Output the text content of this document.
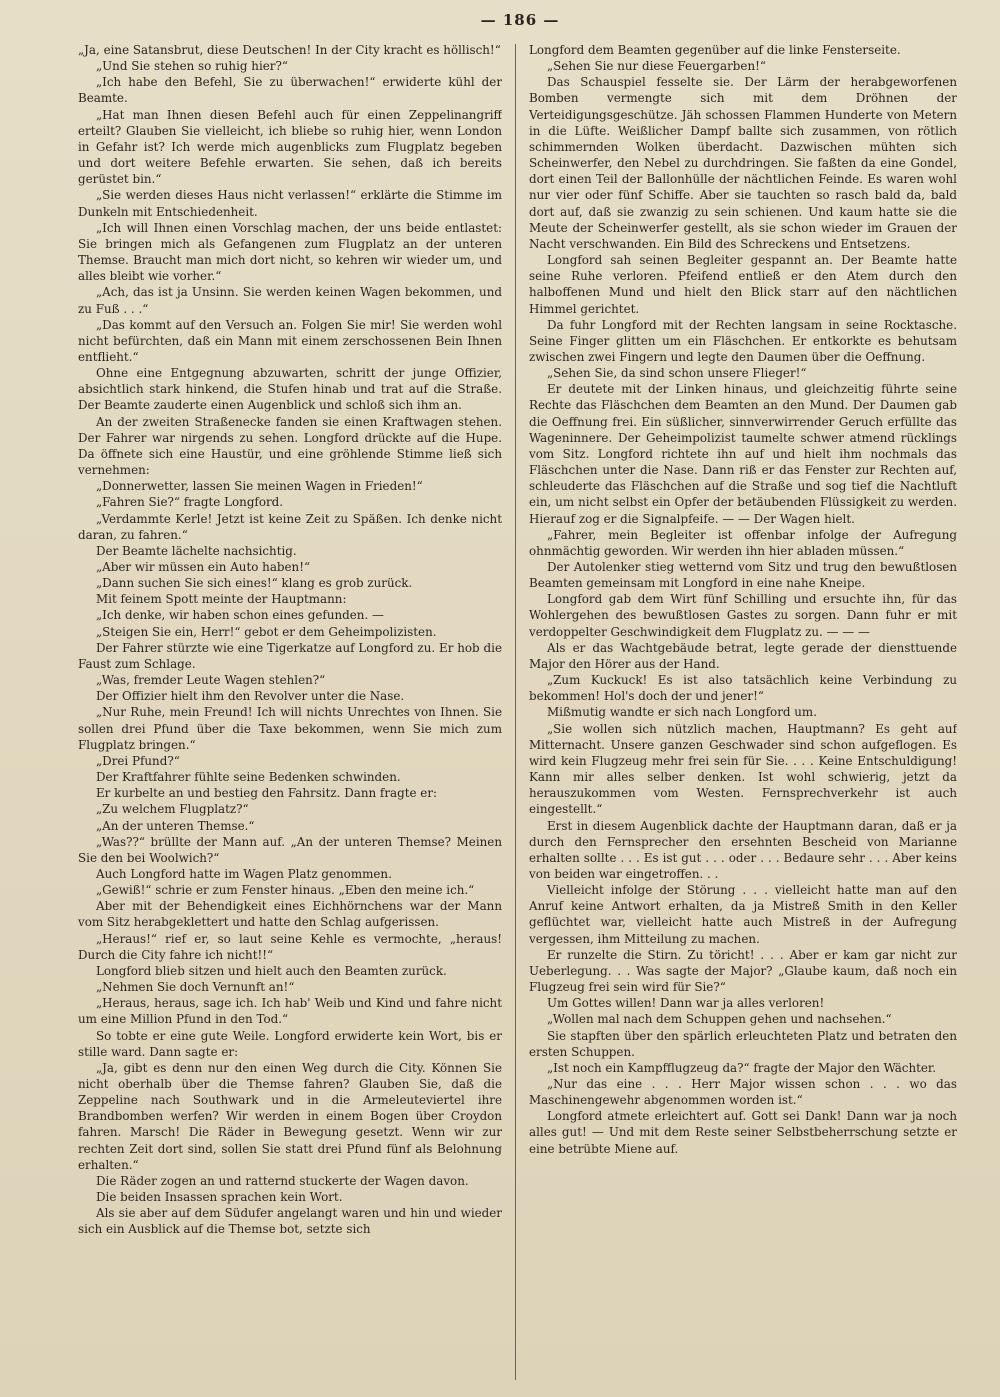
— 186 —

„Ja, eine Satansbrut, diese Deutschen! In der City kracht es höllisch!“

„Und Sie stehen so ruhig hier?“

„Ich habe den Befehl, Sie zu überwachen!“ erwiderte kühl der Beamte.

„Hat man Ihnen diesen Befehl auch für einen Zeppelinangriff erteilt? Glauben Sie vielleicht, ich bliebe so ruhig hier, wenn London in Gefahr ist? Ich werde mich augenblicks zum Flugplatz begeben und dort weitere Befehle erwarten. Sie sehen, daß ich bereits gerüstet bin.“

„Sie werden dieses Haus nicht verlassen!“ erklärte die Stimme im Dunkeln mit Entschiedenheit.

„Ich will Ihnen einen Vorschlag machen, der uns beide entlastet: Sie bringen mich als Gefangenen zum Flugplatz an der unteren Themse. Braucht man mich dort nicht, so kehren wir wieder um, und alles bleibt wie vorher.“

„Ach, das ist ja Unsinn. Sie werden keinen Wagen bekommen, und zu Fuß . . .“

„Das kommt auf den Versuch an. Folgen Sie mir! Sie werden wohl nicht befürchten, daß ein Mann mit einem zerschossenen Bein Ihnen entflieht.“

Ohne eine Entgegnung abzuwarten, schritt der junge Offizier, absichtlich stark hinkend, die Stufen hinab und trat auf die Straße. Der Beamte zauderte einen Augenblick und schloß sich ihm an.

An der zweiten Straßenecke fanden sie einen Kraftwagen stehen. Der Fahrer war nirgends zu sehen. Longford drückte auf die Hupe. Da öffnete sich eine Haustür, und eine gröhlende Stimme ließ sich vernehmen:

„Donnerwetter, lassen Sie meinen Wagen in Frieden!“

„Fahren Sie?“ fragte Longford.

„Verdammte Kerle! Jetzt ist keine Zeit zu Späßen. Ich denke nicht daran, zu fahren.“

Der Beamte lächelte nachsichtig.

„Aber wir müssen ein Auto haben!“

„Dann suchen Sie sich eines!“ klang es grob zurück.

Mit feinem Spott meinte der Hauptmann:

„Ich denke, wir haben schon eines gefunden. —

„Steigen Sie ein, Herr!“ gebot er dem Geheimpolizisten.

Der Fahrer stürzte wie eine Tigerkatze auf Longford zu. Er hob die Faust zum Schlage.

„Was, fremder Leute Wagen stehlen?“

Der Offizier hielt ihm den Revolver unter die Nase.

„Nur Ruhe, mein Freund! Ich will nichts Unrechtes von Ihnen. Sie sollen drei Pfund über die Taxe bekommen, wenn Sie mich zum Flugplatz bringen.“

„Drei Pfund?“

Der Kraftfahrer fühlte seine Bedenken schwinden.

Er kurbelte an und bestieg den Fahrsitz. Dann fragte er:

„Zu welchem Flugplatz?“

„An der unteren Themse.“

„Was??“ brüllte der Mann auf. „An der unteren Themse? Meinen Sie den bei Woolwich?“

Auch Longford hatte im Wagen Platz genommen.

„Gewiß!“ schrie er zum Fenster hinaus. „Eben den meine ich.“

Aber mit der Behendigkeit eines Eichhörnchens war der Mann vom Sitz herabgeklettert und hatte den Schlag aufgerissen.

„Heraus!“ rief er, so laut seine Kehle es vermochte, „heraus! Durch die City fahre ich nicht!!“

Longford blieb sitzen und hielt auch den Beamten zurück.

„Nehmen Sie doch Vernunft an!“

„Heraus, heraus, sage ich. Ich hab' Weib und Kind und fahre nicht um eine Million Pfund in den Tod.“

So tobte er eine gute Weile. Longford erwiderte kein Wort, bis er stille ward. Dann sagte er:

„Ja, gibt es denn nur den einen Weg durch die City. Können Sie nicht oberhalb über die Themse fahren? Glauben Sie, daß die Zeppeline nach Southwark und in die Armeleuteviertel ihre Brandbomben werfen? Wir werden in einem Bogen über Croydon fahren. Marsch! Die Räder in Bewegung gesetzt. Wenn wir zur rechten Zeit dort sind, sollen Sie statt drei Pfund fünf als Belohnung erhalten.“

Die Räder zogen an und ratternd stuckerte der Wagen davon.

Die beiden Insassen sprachen kein Wort.

Als sie aber auf dem Südufer angelangt waren und hin und wieder sich ein Ausblick auf die Themse bot, setzte sich

Longford dem Beamten gegenüber auf die linke Fensterseite.

„Sehen Sie nur diese Feuergarben!“

Das Schauspiel fesselte sie. Der Lärm der herabgeworfenen Bomben vermengte sich mit dem Dröhnen der Verteidigungsgeschütze. Jäh schossen Flammen Hunderte von Metern in die Lüfte. Weißlicher Dampf ballte sich zusammen, von rötlich schimmernden Wolken überdacht. Dazwischen mühten sich Scheinwerfer, den Nebel zu durchdringen. Sie faßten da eine Gondel, dort einen Teil der Ballonhülle der nächtlichen Feinde. Es waren wohl nur vier oder fünf Schiffe. Aber sie tauchten so rasch bald da, bald dort auf, daß sie zwanzig zu sein schienen. Und kaum hatte sie die Meute der Scheinwerfer gestellt, als sie schon wieder im Grauen der Nacht verschwanden. Ein Bild des Schreckens und Entsetzens.

Longford sah seinen Begleiter gespannt an. Der Beamte hatte seine Ruhe verloren. Pfeifend entließ er den Atem durch den halboffenen Mund und hielt den Blick starr auf den nächtlichen Himmel gerichtet.

Da fuhr Longford mit der Rechten langsam in seine Rocktasche. Seine Finger glitten um ein Fläschchen. Er entkorkte es behutsam zwischen zwei Fingern und legte den Daumen über die Oeffnung.

„Sehen Sie, da sind schon unsere Flieger!“

Er deutete mit der Linken hinaus, und gleichzeitig führte seine Rechte das Fläschchen dem Beamten an den Mund. Der Daumen gab die Oeffnung frei. Ein süßlicher, sinnverwirrender Geruch erfüllte das Wageninnere. Der Geheimpolizist taumelte schwer atmend rücklings vom Sitz. Longford richtete ihn auf und hielt ihm nochmals das Fläschchen unter die Nase. Dann riß er das Fenster zur Rechten auf, schleuderte das Fläschchen auf die Straße und sog tief die Nachtluft ein, um nicht selbst ein Opfer der betäubenden Flüssigkeit zu werden. Hierauf zog er die Signalpfeife. — — Der Wagen hielt.

„Fahrer, mein Begleiter ist offenbar infolge der Aufregung ohnmächtig geworden. Wir werden ihn hier abladen müssen.“

Der Autolenker stieg wetternd vom Sitz und trug den bewußtlosen Beamten gemeinsam mit Longford in eine nahe Kneipe.

Longford gab dem Wirt fünf Schilling und ersuchte ihn, für das Wohlergehen des bewußtlosen Gastes zu sorgen. Dann fuhr er mit verdoppelter Geschwindigkeit dem Flugplatz zu. — — —

Als er das Wachtgebäude betrat, legte gerade der diensttuende Major den Hörer aus der Hand.

„Zum Kuckuck! Es ist also tatsächlich keine Verbindung zu bekommen! Hol's doch der und jener!“

Mißmutig wandte er sich nach Longford um.

„Sie wollen sich nützlich machen, Hauptmann? Es geht auf Mitternacht. Unsere ganzen Geschwader sind schon aufgeflogen. Es wird kein Flugzeug mehr frei sein für Sie. . . . Keine Entschuldigung! Kann mir alles selber denken. Ist wohl schwierig, jetzt da herauszukommen vom Westen. Fernsprechverkehr ist auch eingestellt.“

Erst in diesem Augenblick dachte der Hauptmann daran, daß er ja durch den Fernsprecher den ersehnten Bescheid von Marianne erhalten sollte . . . Es ist gut . . . oder . . . Bedaure sehr . . . Aber keins von beiden war eingetroffen. . .

Vielleicht infolge der Störung . . . vielleicht hatte man auf den Anruf keine Antwort erhalten, da ja Mistreß Smith in den Keller geflüchtet war, vielleicht hatte auch Mistreß in der Aufregung vergessen, ihm Mitteilung zu machen.

Er runzelte die Stirn. Zu töricht! . . . Aber er kam gar nicht zur Ueberlegung. . . Was sagte der Major? „Glaube kaum, daß noch ein Flugzeug frei sein wird für Sie?“

Um Gottes willen! Dann war ja alles verloren!

„Wollen mal nach dem Schuppen gehen und nachsehen.“

Sie stapften über den spärlich erleuchteten Platz und betraten den ersten Schuppen.

„Ist noch ein Kampfflugzeug da?“ fragte der Major den Wächter.

„Nur das eine . . . Herr Major wissen schon . . . wo das Maschinengewehr abgenommen worden ist.“

Longford atmete erleichtert auf. Gott sei Dank! Dann war ja noch alles gut! — Und mit dem Reste seiner Selbstbeherrschung setzte er eine betrübte Miene auf.
